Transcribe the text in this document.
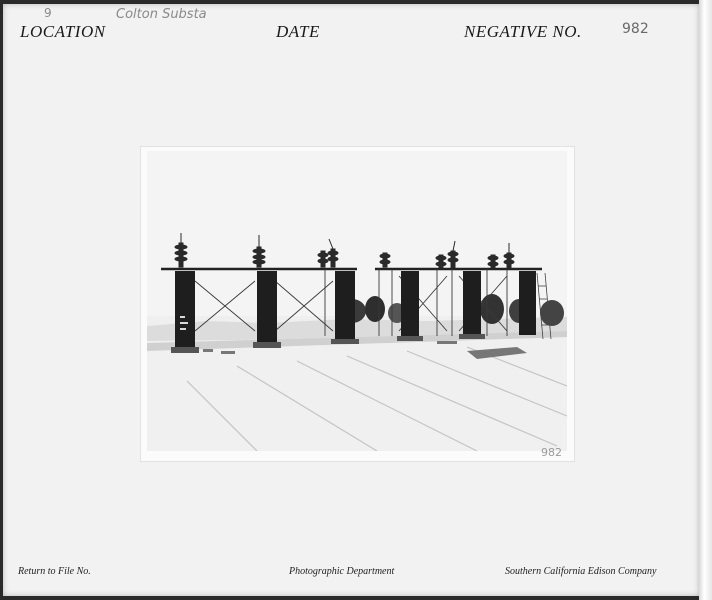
9
LOCATION
Colton Substa
DATE	NEGATIVE NO.	982
982
Return to File No.	Photographic Department	Southern California Edison Company
